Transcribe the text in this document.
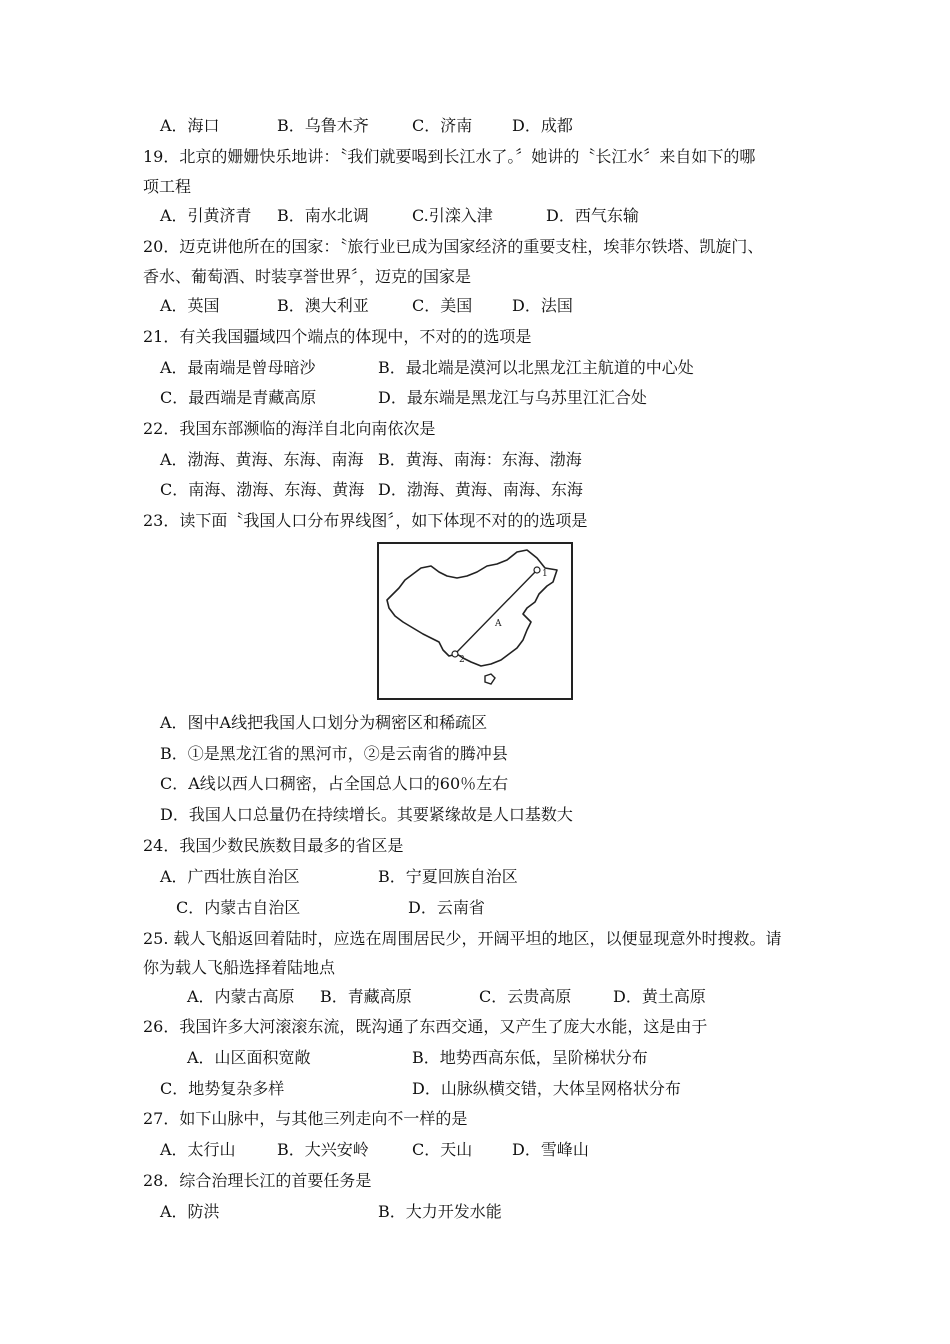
A．海口	B．乌鲁木齐	C．济南 D．成都
19．北京的姗姗快乐地讲：〝我们就要喝到长江水了。〞她讲的〝长江水〞来自如下的哪
项工程
A．引黄济青 B．南水北调	C.引滦入津	D．西气东输
20．迈克讲他所在的国家：〝旅行业已成为国家经济的重要支柱，埃菲尔铁塔、凯旋门、
香水、葡萄酒、时装享誉世界〞，迈克的国家是
A．英国	B．澳大利亚	C．美国 D．法国
21．有关我国疆域四个端点的体现中，不对的的选项是
A．最南端是曾母暗沙	B．最北端是漠河以北黑龙江主航道的中心处
C．最西端是青藏高原	D．最东端是黑龙江与乌苏里江汇合处
22．我国东部濒临的海洋自北向南依次是
A．渤海、黄海、东海、南海 B．黄海、南海：东海、渤海
C．南海、渤海、东海、黄海 D．渤海、黄海、南海、东海
23．读下面〝我国人口分布界线图〞，如下体现不对的的选项是
1
A
2
A．图中A线把我国人口划分为稠密区和稀疏区
B．①是黑龙江省的黑河市，②是云南省的腾冲县
C．A线以西人口稠密，占全国总人口的60％左右
D．我国人口总量仍在持续增长。其要紧缘故是人口基数大
24．我国少数民族数目最多的省区是
A．广西壮族自治区	B．宁夏回族自治区
C．内蒙古自治区	D．云南省
25. 载人飞船返回着陆时，应选在周围居民少，开阔平坦的地区，以便显现意外时搜救。请
你为载人飞船选择着陆地点
A．内蒙古高原 B．青藏高原	C．云贵高原	D．黄土高原
26．我国许多大河滚滚东流，既沟通了东西交通，又产生了庞大水能，这是由于
A．山区面积宽敞	B．地势西高东低，呈阶梯状分布
C．地势复杂多样	D．山脉纵横交错，大体呈网格状分布
27．如下山脉中，与其他三列走向不一样的是
A．太行山	B．大兴安岭	C．天山 D．雪峰山
28．综合治理长江的首要任务是
A．防洪	B．大力开发水能
